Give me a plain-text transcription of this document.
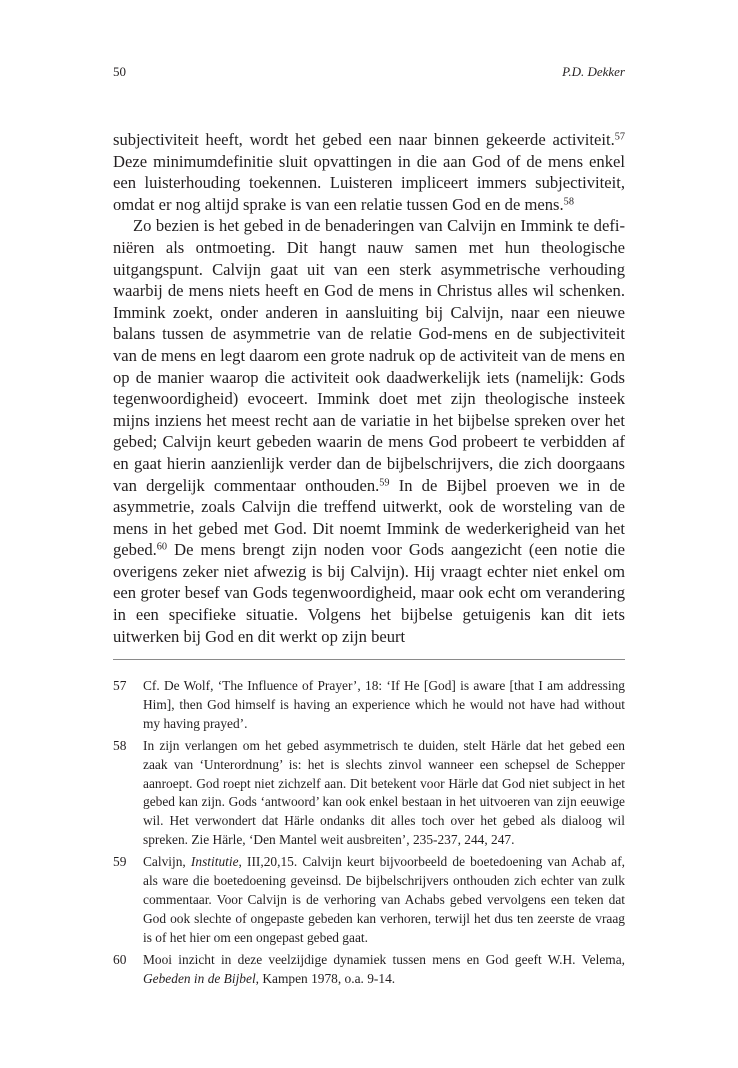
50	P.D. Dekker

subjectiviteit heeft, wordt het gebed een naar binnen gekeerde activiteit.$^{57}$ Deze minimumdefinitie sluit opvattingen in die aan God of de mens enkel een luisterhouding toekennen. Luisteren impliceert immers subjectiviteit, omdat er nog altijd sprake is van een relatie tussen God en de mens.$^{58}$

Zo bezien is het gebed in de benaderingen van Calvijn en Immink te definiëren als ontmoeting. Dit hangt nauw samen met hun theologische uitgangspunt. Calvijn gaat uit van een sterk asymmetrische verhouding waarbij de mens niets heeft en God de mens in Christus alles wil schenken. Immink zoekt, onder anderen in aansluiting bij Calvijn, naar een nieuwe balans tussen de asymmetrie van de relatie God-mens en de subjectiviteit van de mens en legt daarom een grote nadruk op de activiteit van de mens en op de manier waarop die activiteit ook daadwerkelijk iets (namelijk: Gods tegenwoordigheid) evoceert. Immink doet met zijn theologische insteek mijns inziens het meest recht aan de variatie in het bijbelse spreken over het gebed; Calvijn keurt gebeden waarin de mens God probeert te verbidden af en gaat hierin aanzienlijk verder dan de bijbelschrijvers, die zich doorgaans van dergelijk commentaar onthouden.$^{59}$ In de Bijbel proeven we in de asymmetrie, zoals Calvijn die treffend uitwerkt, ook de worsteling van de mens in het gebed met God. Dit noemt Immink de wederkerigheid van het gebed.$^{60}$ De mens brengt zijn noden voor Gods aangezicht (een notie die overigens zeker niet afwezig is bij Calvijn). Hij vraagt echter niet enkel om een groter besef van Gods tegenwoordigheid, maar ook echt om verandering in een specifieke situatie. Volgens het bijbelse getuigenis kan dit iets uitwerken bij God en dit werkt op zijn beurt

57 Cf. De Wolf, ‘The Influence of Prayer’, 18: ‘If He [God] is aware [that I am addressing Him], then God himself is having an experience which he would not have had without my having prayed’.
58 In zijn verlangen om het gebed asymmetrisch te duiden, stelt Härle dat het gebed een zaak van ‘Unterordnung’ is: het is slechts zinvol wanneer een schepsel de Schepper aanroept. God roept niet zichzelf aan. Dit betekent voor Härle dat God niet subject in het gebed kan zijn. Gods ‘antwoord’ kan ook enkel bestaan in het uitvoeren van zijn eeuwige wil. Het verwondert dat Härle ondanks dit alles toch over het gebed als dialoog wil spreken. Zie Härle, ‘Den Mantel weit ausbreiten’, 235-237, 244, 247.
59 Calvijn, Institutie, III,20,15. Calvijn keurt bijvoorbeeld de boetedoening van Achab af, als ware die boetedoening geveinsd. De bijbelschrijvers onthouden zich echter van zulk commentaar. Voor Calvijn is de verhoring van Achabs gebed vervolgens een teken dat God ook slechte of ongepaste gebeden kan verhoren, terwijl het dus ten zeerste de vraag is of het hier om een ongepast gebed gaat.
60 Mooi inzicht in deze veelzijdige dynamiek tussen mens en God geeft W.H. Velema, Gebeden in de Bijbel, Kampen 1978, o.a. 9-14.
